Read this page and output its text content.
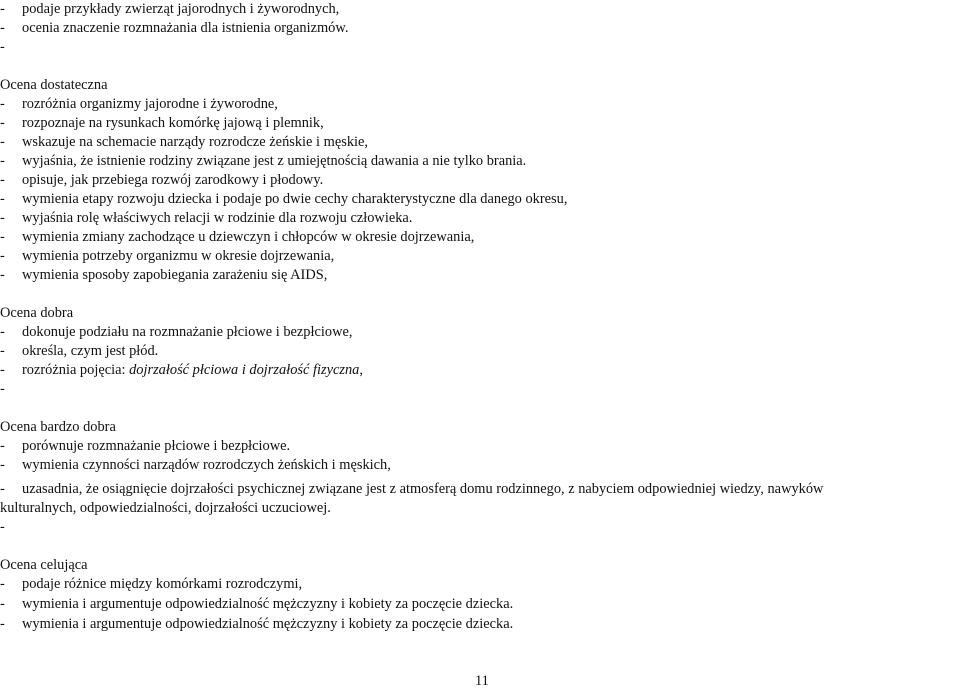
- podaje przykłady zwierząt jajorodnych i żyworodnych,
- ocenia znaczenie rozmnażania dla istnienia organizmów.
-
Ocena dostateczna
- rozróżnia organizmy jajorodne i żyworodne,
- rozpoznaje na rysunkach komórkę jajową i plemnik,
- wskazuje na schemacie narządy rozrodcze żeńskie i męskie,
- wyjaśnia, że istnienie rodziny związane jest z umiejętnością dawania a nie tylko brania.
- opisuje, jak przebiega rozwój zarodkowy i płodowy.
- wymienia etapy rozwoju dziecka i podaje po dwie cechy charakterystyczne dla danego okresu,
- wyjaśnia rolę właściwych relacji w rodzinie dla rozwoju człowieka.
- wymienia zmiany zachodzące u dziewczyn i chłopców w okresie dojrzewania,
- wymienia potrzeby organizmu w okresie dojrzewania,
- wymienia sposoby zapobiegania zarażeniu się AIDS,
Ocena dobra
- dokonuje podziału na rozmnażanie płciowe i bezpłciowe,
- określa, czym jest płód.
- rozróżnia pojęcia: dojrzałość płciowa i dojrzałość fizyczna,
-
Ocena bardzo dobra
- porównuje rozmnażanie płciowe i bezpłciowe.
- wymienia czynności narządów rozrodczych żeńskich i męskich,
- uzasadnia, że osiągnięcie dojrzałości psychicznej związane jest z atmosferą domu rodzinnego, z nabyciem odpowiedniej wiedzy, nawyków
kulturalnych, odpowiedzialności, dojrzałości uczuciowej.
-
Ocena celująca
- podaje różnice między komórkami rozrodczymi,
- wymienia i argumentuje odpowiedzialność mężczyzny i kobiety za poczęcie dziecka.
- wymienia i argumentuje odpowiedzialność mężczyzny i kobiety za poczęcie dziecka.
11
